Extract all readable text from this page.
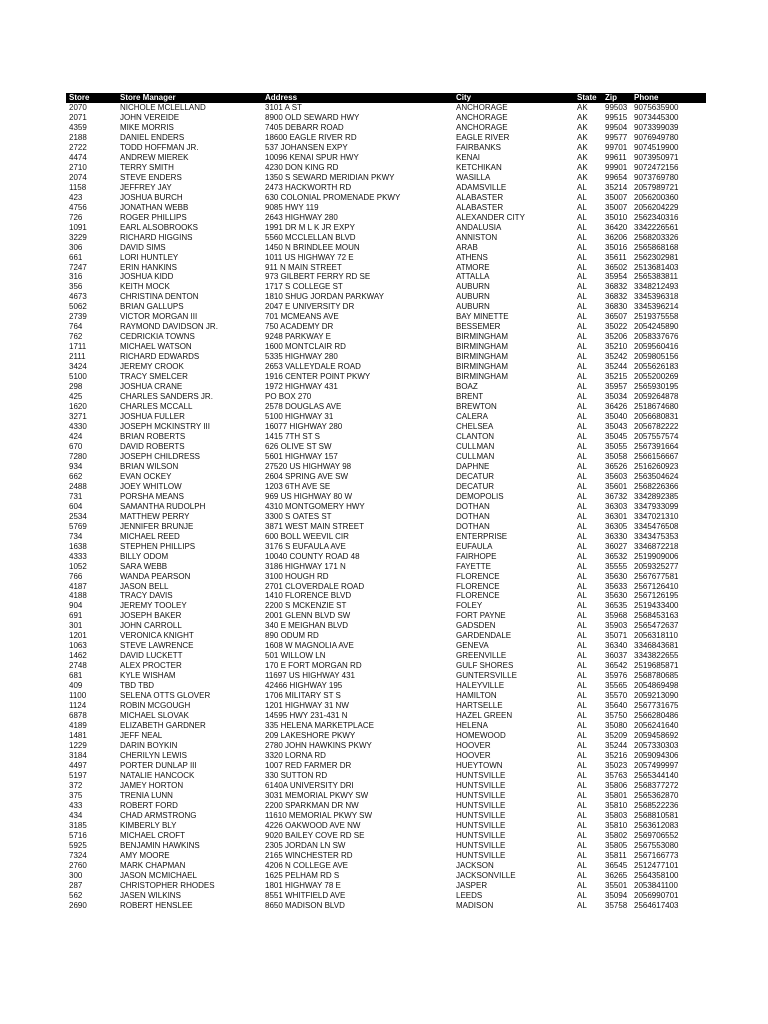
Store	Store Manager	Address	City	State	Zip	Phone
2070	NICHOLE MCLELLAND	3101 A ST	ANCHORAGE	AK	99503	9075635900
2071	JOHN VEREIDE	8900 OLD SEWARD HWY	ANCHORAGE	AK	99515	9073445300
4359	MIKE MORRIS	7405 DEBARR ROAD	ANCHORAGE	AK	99504	9073399039
2188	DANIEL ENDERS	18600 EAGLE RIVER RD	EAGLE RIVER	AK	99577	9076949780
2722	TODD HOFFMAN JR.	537 JOHANSEN EXPY	FAIRBANKS	AK	99701	9074519900
4474	ANDREW MIEREK	10096 KENAI SPUR HWY	KENAI	AK	99611	9073950971
2710	TERRY SMITH	4230 DON KING RD	KETCHIKAN	AK	99901	9072472156
2074	STEVE ENDERS	1350 S SEWARD MERIDIAN PKWY	WASILLA	AK	99654	9073769780
1158	JEFFREY JAY	2473 HACKWORTH RD	ADAMSVILLE	AL	35214	2057989721
423	JOSHUA BURCH	630 COLONIAL PROMENADE PKWY	ALABASTER	AL	35007	2056200360
4756	JONATHAN WEBB	9085 HWY 119	ALABASTER	AL	35007	2056204229
726	ROGER PHILLIPS	2643 HIGHWAY 280	ALEXANDER CITY	AL	35010	2562340316
1091	EARL ALSOBROOKS	1991 DR M L K JR EXPY	ANDALUSIA	AL	36420	3342226561
3229	RICHARD HIGGINS	5560 MCCLELLAN BLVD	ANNISTON	AL	36206	2568203326
306	DAVID SIMS	1450 N BRINDLEE MOUN	ARAB	AL	35016	2565868168
661	LORI HUNTLEY	1011 US HIGHWAY 72 E	ATHENS	AL	35611	2562302981
7247	ERIN HANKINS	911 N MAIN STREET	ATMORE	AL	36502	2513681403
316	JOSHUA KIDD	973 GILBERT FERRY RD SE	ATTALLA	AL	35954	2565383811
356	KEITH MOCK	1717 S COLLEGE ST	AUBURN	AL	36832	3348212493
4673	CHRISTINA DENTON	1810 SHUG JORDAN PARKWAY	AUBURN	AL	36832	3345396318
5062	BRIAN GALLUPS	2047 E UNIVERSITY DR	AUBURN	AL	36830	3345396214
2739	VICTOR MORGAN III	701 MCMEANS AVE	BAY MINETTE	AL	36507	2519375558
764	RAYMOND DAVIDSON JR.	750 ACADEMY DR	BESSEMER	AL	35022	2054245890
762	CEDRICKIA TOWNS	9248 PARKWAY E	BIRMINGHAM	AL	35206	2058337676
1711	MICHAEL WATSON	1600 MONTCLAIR RD	BIRMINGHAM	AL	35210	2059560416
2111	RICHARD EDWARDS	5335 HIGHWAY 280	BIRMINGHAM	AL	35242	2059805156
3424	JEREMY CROOK	2653 VALLEYDALE ROAD	BIRMINGHAM	AL	35244	2055626183
5100	TRACY SMELCER	1916 CENTER POINT PKWY	BIRMINGHAM	AL	35215	2055200269
298	JOSHUA CRANE	1972 HIGHWAY 431	BOAZ	AL	35957	2565930195
425	CHARLES SANDERS JR.	PO BOX 270	BRENT	AL	35034	2059264878
1620	CHARLES MCCALL	2578 DOUGLAS AVE	BREWTON	AL	36426	2518674680
3271	JOSHUA FULLER	5100 HIGHWAY 31	CALERA	AL	35040	2056680831
4330	JOSEPH MCKINSTRY III	16077 HIGHWAY 280	CHELSEA	AL	35043	2056782222
424	BRIAN ROBERTS	1415 7TH ST S	CLANTON	AL	35045	2057557574
670	DAVID ROBERTS	626 OLIVE ST SW	CULLMAN	AL	35055	2567391664
7280	JOSEPH CHILDRESS	5601 HIGHWAY 157	CULLMAN	AL	35058	2566156667
934	BRIAN WILSON	27520 US HIGHWAY 98	DAPHNE	AL	36526	2516260923
662	EVAN OCKEY	2604 SPRING AVE SW	DECATUR	AL	35603	2563504624
2488	JOEY WHITLOW	1203 6TH AVE SE	DECATUR	AL	35601	2568226366
731	PORSHA MEANS	969 US HIGHWAY 80 W	DEMOPOLIS	AL	36732	3342892385
604	SAMANTHA RUDOLPH	4310 MONTGOMERY HWY	DOTHAN	AL	36303	3347933099
2534	MATTHEW PERRY	3300 S OATES ST	DOTHAN	AL	36301	3347021310
5769	JENNIFER BRUNJE	3871 WEST MAIN STREET	DOTHAN	AL	36305	3345476508
734	MICHAEL REED	600 BOLL WEEVIL CIR	ENTERPRISE	AL	36330	3343475353
1638	STEPHEN PHILLIPS	3176 S EUFAULA AVE	EUFAULA	AL	36027	3346872218
4333	BILLY ODOM	10040 COUNTY ROAD 48	FAIRHOPE	AL	36532	2519909006
1052	SARA WEBB	3186 HIGHWAY 171 N	FAYETTE	AL	35555	2059325277
766	WANDA PEARSON	3100 HOUGH RD	FLORENCE	AL	35630	2567677581
4187	JASON BELL	2701 CLOVERDALE ROAD	FLORENCE	AL	35633	2567126410
4188	TRACY DAVIS	1410 FLORENCE BLVD	FLORENCE	AL	35630	2567126195
904	JEREMY TOOLEY	2200 S MCKENZIE ST	FOLEY	AL	36535	2519433400
691	JOSEPH BAKER	2001 GLENN BLVD SW	FORT PAYNE	AL	35968	2568453163
301	JOHN CARROLL	340 E MEIGHAN BLVD	GADSDEN	AL	35903	2565472637
1201	VERONICA KNIGHT	890 ODUM RD	GARDENDALE	AL	35071	2056318110
1063	STEVE LAWRENCE	1608 W MAGNOLIA AVE	GENEVA	AL	36340	3346843681
1462	DAVID LUCKETT	501 WILLOW LN	GREENVILLE	AL	36037	3343822655
2748	ALEX PROCTER	170 E FORT MORGAN RD	GULF SHORES	AL	36542	2519685871
681	KYLE WISHAM	11697 US HIGHWAY 431	GUNTERSVILLE	AL	35976	2568780685
409	TBD TBD	42466 HIGHWAY 195	HALEYVILLE	AL	35565	2054869498
1100	SELENA OTTS GLOVER	1706 MILITARY ST S	HAMILTON	AL	35570	2059213090
1124	ROBIN MCGOUGH	1201 HIGHWAY 31 NW	HARTSELLE	AL	35640	2567731675
6878	MICHAEL SLOVAK	14595 HWY 231-431 N	HAZEL GREEN	AL	35750	2566280486
4189	ELIZABETH GARDNER	335 HELENA MARKETPLACE	HELENA	AL	35080	2056241640
1481	JEFF NEAL	209 LAKESHORE PKWY	HOMEWOOD	AL	35209	2059458692
1229	DARIN BOYKIN	2780 JOHN HAWKINS PKWY	HOOVER	AL	35244	2057330303
3184	CHERILYN LEWIS	3320 LORNA RD	HOOVER	AL	35216	2059094306
4497	PORTER DUNLAP III	1007 RED FARMER DR	HUEYTOWN	AL	35023	2057499997
5197	NATALIE HANCOCK	330 SUTTON RD	HUNTSVILLE	AL	35763	2565344140
372	JAMEY HORTON	6140A UNIVERSITY DRI	HUNTSVILLE	AL	35806	2568377272
375	TRENIA LUNN	3031 MEMORIAL PKWY SW	HUNTSVILLE	AL	35801	2565362870
433	ROBERT FORD	2200 SPARKMAN DR NW	HUNTSVILLE	AL	35810	2568522236
434	CHAD ARMSTRONG	11610 MEMORIAL PKWY SW	HUNTSVILLE	AL	35803	2568810581
3185	KIMBERLY BLY	4226 OAKWOOD AVE NW	HUNTSVILLE	AL	35810	2563612083
5716	MICHAEL CROFT	9020 BAILEY COVE RD SE	HUNTSVILLE	AL	35802	2569706552
5925	BENJAMIN HAWKINS	2305 JORDAN LN SW	HUNTSVILLE	AL	35805	2567553080
7324	AMY MOORE	2165 WINCHESTER RD	HUNTSVILLE	AL	35811	2567166773
2760	MARK CHAPMAN	4206 N COLLEGE AVE	JACKSON	AL	36545	2512477101
300	JASON MCMICHAEL	1625 PELHAM RD S	JACKSONVILLE	AL	36265	2564358100
287	CHRISTOPHER RHODES	1801 HIGHWAY 78 E	JASPER	AL	35501	2053841100
562	JASEN WILKINS	8551 WHITFIELD AVE	LEEDS	AL	35094	2056990701
2690	ROBERT HENSLEE	8650 MADISON BLVD	MADISON	AL	35758	2564617403
